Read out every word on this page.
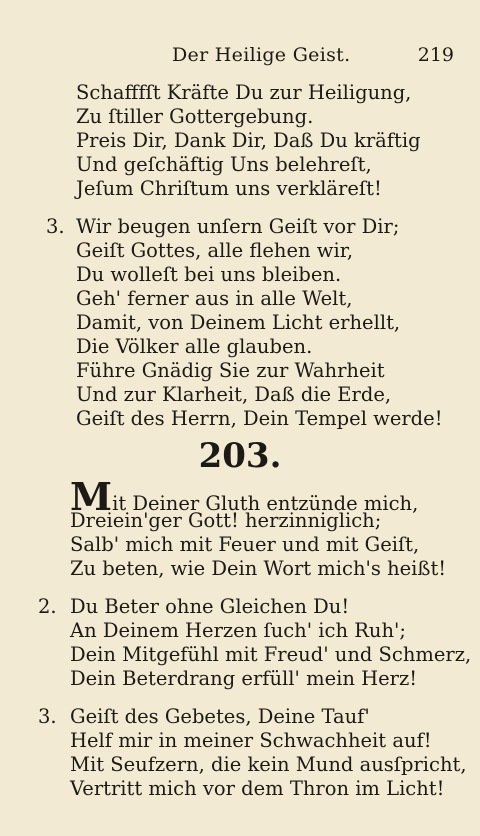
Der Heilige Geist.	219
Schafffſt Kräfte Du zur Heiligung,
Zu ſtiller Gottergebung.
Preis Dir, Dank Dir, Daß Du kräftig
Und geſchäftig Uns belehreſt,
Jeſum Chriſtum uns verkläreſt!
3. Wir beugen unſern Geiſt vor Dir;
Geiſt Gottes, alle flehen wir,
Du wolleſt bei uns bleiben.
Geh' ferner aus in alle Welt,
Damit, von Deinem Licht erhellt,
Die Völker alle glauben.
Führe Gnädig Sie zur Wahrheit
Und zur Klarheit, Daß die Erde,
Geiſt des Herrn, Dein Tempel werde!
203.
Mit Deiner Gluth entzünde mich,
Dreiein'ger Gott! herzinniglich;
Salb' mich mit Feuer und mit Geiſt,
Zu beten, wie Dein Wort mich's heißt!
2. Du Beter ohne Gleichen Du!
An Deinem Herzen ſuch' ich Ruh';
Dein Mitgefühl mit Freud' und Schmerz,
Dein Beterdrang erfüll' mein Herz!
3. Geiſt des Gebetes, Deine Tauf'
Helf mir in meiner Schwachheit auf!
Mit Seufzern, die kein Mund ausſpricht,
Vertritt mich vor dem Thron im Licht!
